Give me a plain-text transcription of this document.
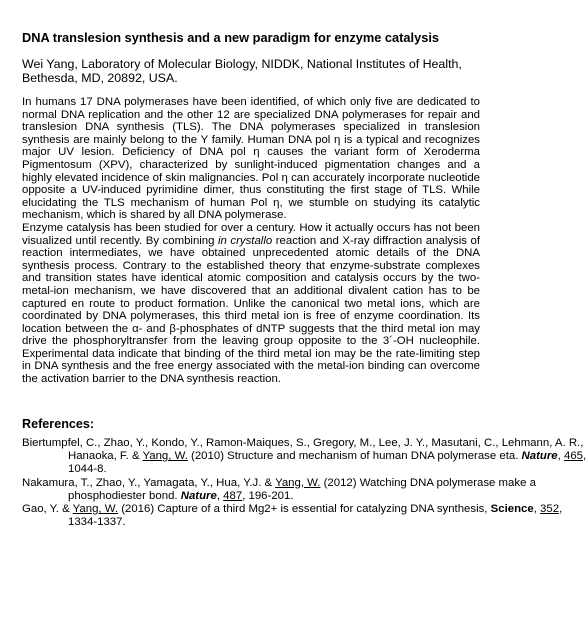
DNA translesion synthesis and a new paradigm for enzyme catalysis
Wei Yang, Laboratory of Molecular Biology, NIDDK, National Institutes of Health,
Bethesda, MD, 20892, USA.

In humans 17 DNA polymerases have been identified, of which only five are dedicated to normal DNA replication and the other 12 are specialized DNA polymerases for repair and translesion DNA synthesis (TLS). The DNA polymerases specialized in translesion synthesis are mainly belong to the Y family. Human DNA pol η is a typical and recognizes major UV lesion. Deficiency of DNA pol η causes the variant form of Xeroderma Pigmentosum (XPV), characterized by sunlight-induced pigmentation changes and a highly elevated incidence of skin malignancies. Pol η can accurately incorporate nucleotide opposite a UV-induced pyrimidine dimer, thus constituting the first stage of TLS. While elucidating the TLS mechanism of human Pol η, we stumble on studying its catalytic mechanism, which is shared by all DNA polymerase.

Enzyme catalysis has been studied for over a century. How it actually occurs has not been visualized until recently. By combining in crystallo reaction and X-ray diffraction analysis of reaction intermediates, we have obtained unprecedented atomic details of the DNA synthesis process. Contrary to the established theory that enzyme-substrate complexes and transition states have identical atomic composition and catalysis occurs by the two-metal-ion mechanism, we have discovered that an additional divalent cation has to be captured en route to product formation. Unlike the canonical two metal ions, which are coordinated by DNA polymerases, this third metal ion is free of enzyme coordination. Its location between the α- and β-phosphates of dNTP suggests that the third metal ion may drive the phosphoryltransfer from the leaving group opposite to the 3´-OH nucleophile. Experimental data indicate that binding of the third metal ion may be the rate-limiting step in DNA synthesis and the free energy associated with the metal-ion binding can overcome the activation barrier to the DNA synthesis reaction.

References:

Biertumpfel, C., Zhao, Y., Kondo, Y., Ramon-Maiques, S., Gregory, M., Lee, J. Y., Masutani, C., Lehmann, A. R., Hanaoka, F. & Yang, W. (2010) Structure and mechanism of human DNA polymerase eta. Nature, 465, 1044-8.

Nakamura, T., Zhao, Y., Yamagata, Y., Hua, Y.J. & Yang, W. (2012) Watching DNA polymerase make a phosphodiester bond. Nature, 487, 196-201.

Gao, Y. & Yang, W. (2016) Capture of a third Mg2+ is essential for catalyzing DNA synthesis, Science, 352, 1334-1337.
